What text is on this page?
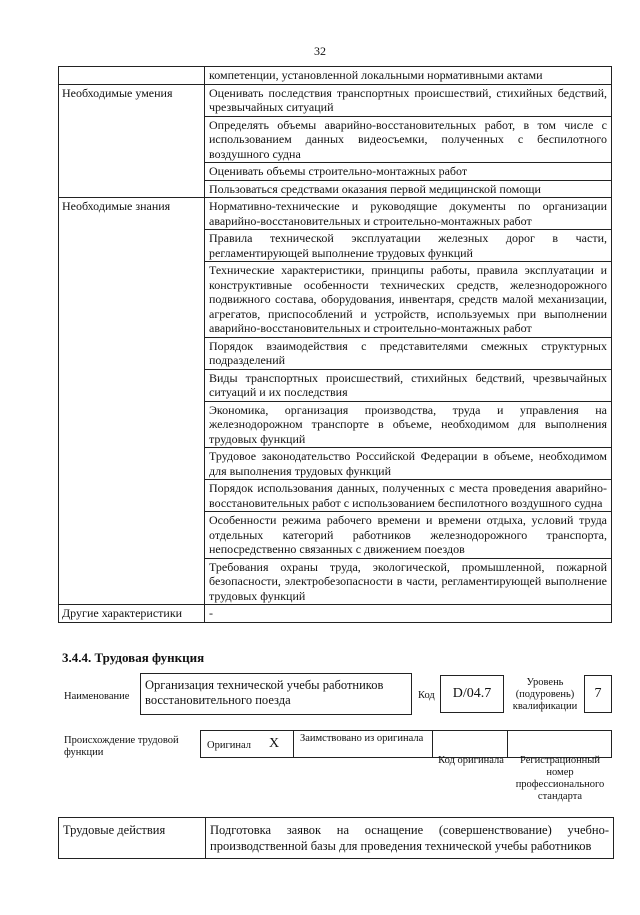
32
	компетенции, установленной локальными нормативными актами
Необходимые умения	Оценивать последствия транспортных происшествий, стихийных бедствий, чрезвычайных ситуаций
	Определять объемы аварийно-восстановительных работ, в том числе с использованием данных видеосъемки, полученных с беспилотного воздушного судна
	Оценивать объемы строительно-монтажных работ
	Пользоваться средствами оказания первой медицинской помощи
Необходимые знания	Нормативно-технические и руководящие документы по организации аварийно-восстановительных и строительно-монтажных работ
	Правила технической эксплуатации железных дорог в части, регламентирующей выполнение трудовых функций
	Технические характеристики, принципы работы, правила эксплуатации и конструктивные особенности технических средств, железнодорожного подвижного состава, оборудования, инвентаря, средств малой механизации, агрегатов, приспособлений и устройств, используемых при выполнении аварийно-восстановительных и строительно-монтажных работ
	Порядок взаимодействия с представителями смежных структурных подразделений
	Виды транспортных происшествий, стихийных бедствий, чрезвычайных ситуаций и их последствия
	Экономика, организация производства, труда и управления на железнодорожном транспорте в объеме, необходимом для выполнения трудовых функций
	Трудовое законодательство Российской Федерации в объеме, необходимом для выполнения трудовых функций
	Порядок использования данных, полученных с места проведения аварийно-восстановительных работ с использованием беспилотного воздушного судна
	Особенности режима рабочего времени и времени отдыха, условий труда отдельных категорий работников железнодорожного транспорта, непосредственно связанных с движением поездов
	Требования охраны труда, экологической, промышленной, пожарной безопасности, электробезопасности в части, регламентирующей выполнение трудовых функций
Другие характеристики	-
3.4.4. Трудовая функция
Наименование
Организация технической учебы работников восстановительного поезда	Код	D/04.7
Уровень (подуровень) квалификации
7
Происхождение трудовой функции
Оригинал X Заимствовано из оригинала
Код оригинала	Регистрационный номер профессионального стандарта
Трудовые действия	Подготовка заявок на оснащение (совершенствование) учебно-производственной базы для проведения технической учебы работников
